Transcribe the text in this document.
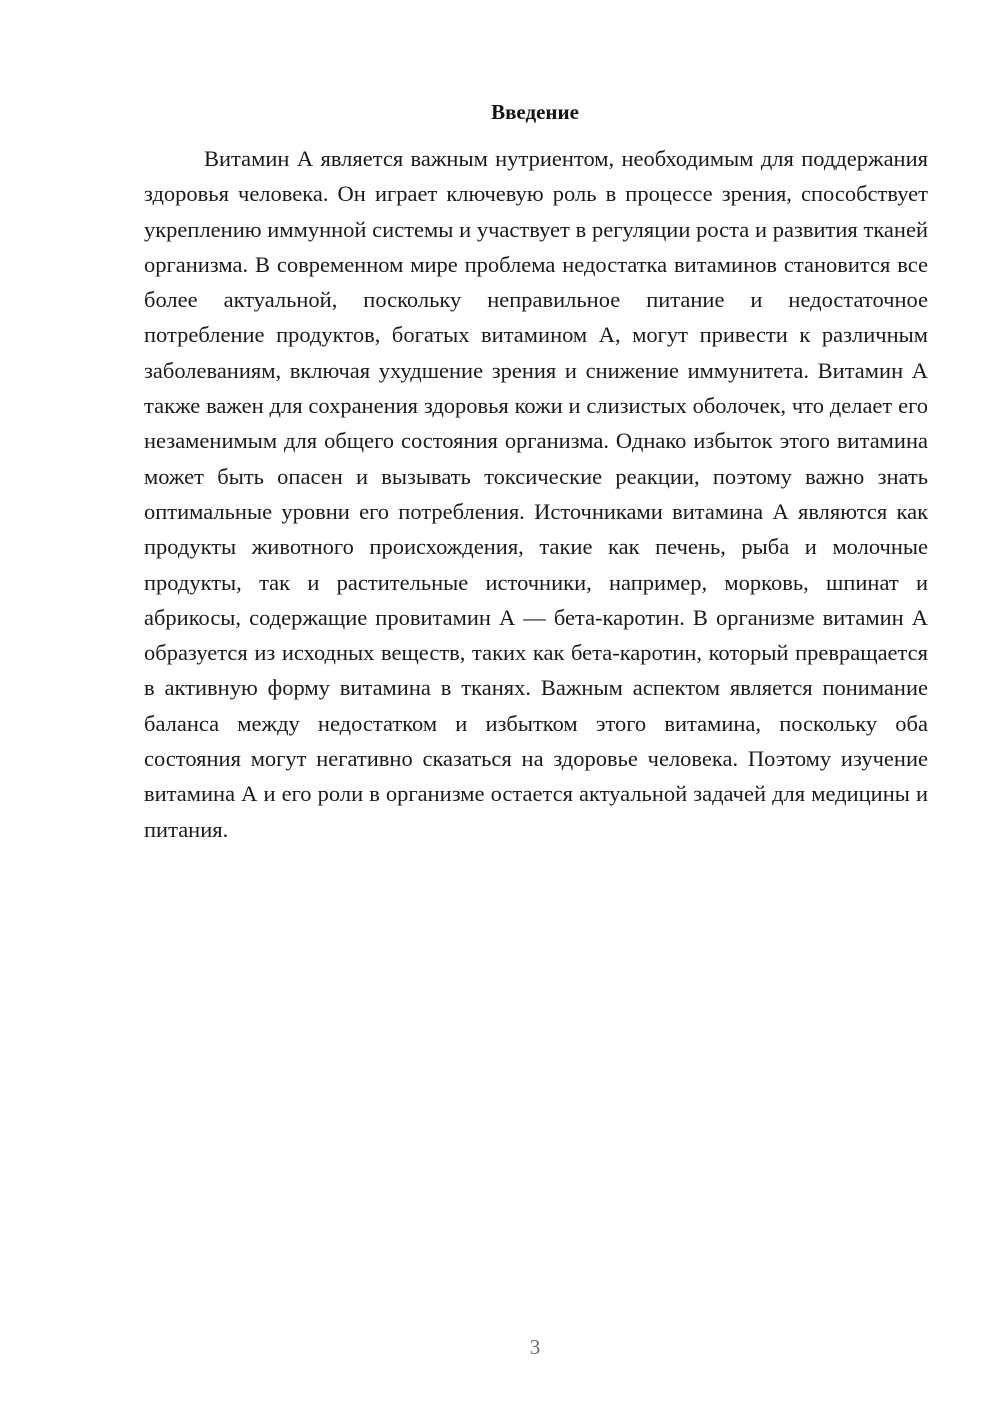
Введение

Витамин А является важным нутриентом, необходимым для поддержания здоровья человека. Он играет ключевую роль в процессе зрения, способствует укреплению иммунной системы и участвует в регуляции роста и развития тканей организма. В современном мире проблема недостатка витаминов становится все более актуальной, поскольку неправильное питание и недостаточное потребление продуктов, богатых витамином А, могут привести к различным заболеваниям, включая ухудшение зрения и снижение иммунитета. Витамин А также важен для сохранения здоровья кожи и слизистых оболочек, что делает его незаменимым для общего состояния организма. Однако избыток этого витамина может быть опасен и вызывать токсические реакции, поэтому важно знать оптимальные уровни его потребления. Источниками витамина А являются как продукты животного происхождения, такие как печень, рыба и молочные продукты, так и растительные источники, например, морковь, шпинат и абрикосы, содержащие провитамин А — бета-каротин. В организме витамин А образуется из исходных веществ, таких как бета-каротин, который превращается в активную форму витамина в тканях. Важным аспектом является понимание баланса между недостатком и избытком этого витамина, поскольку оба состояния могут негативно сказаться на здоровье человека. Поэтому изучение витамина А и его роли в организме остается актуальной задачей для медицины и питания.

3
